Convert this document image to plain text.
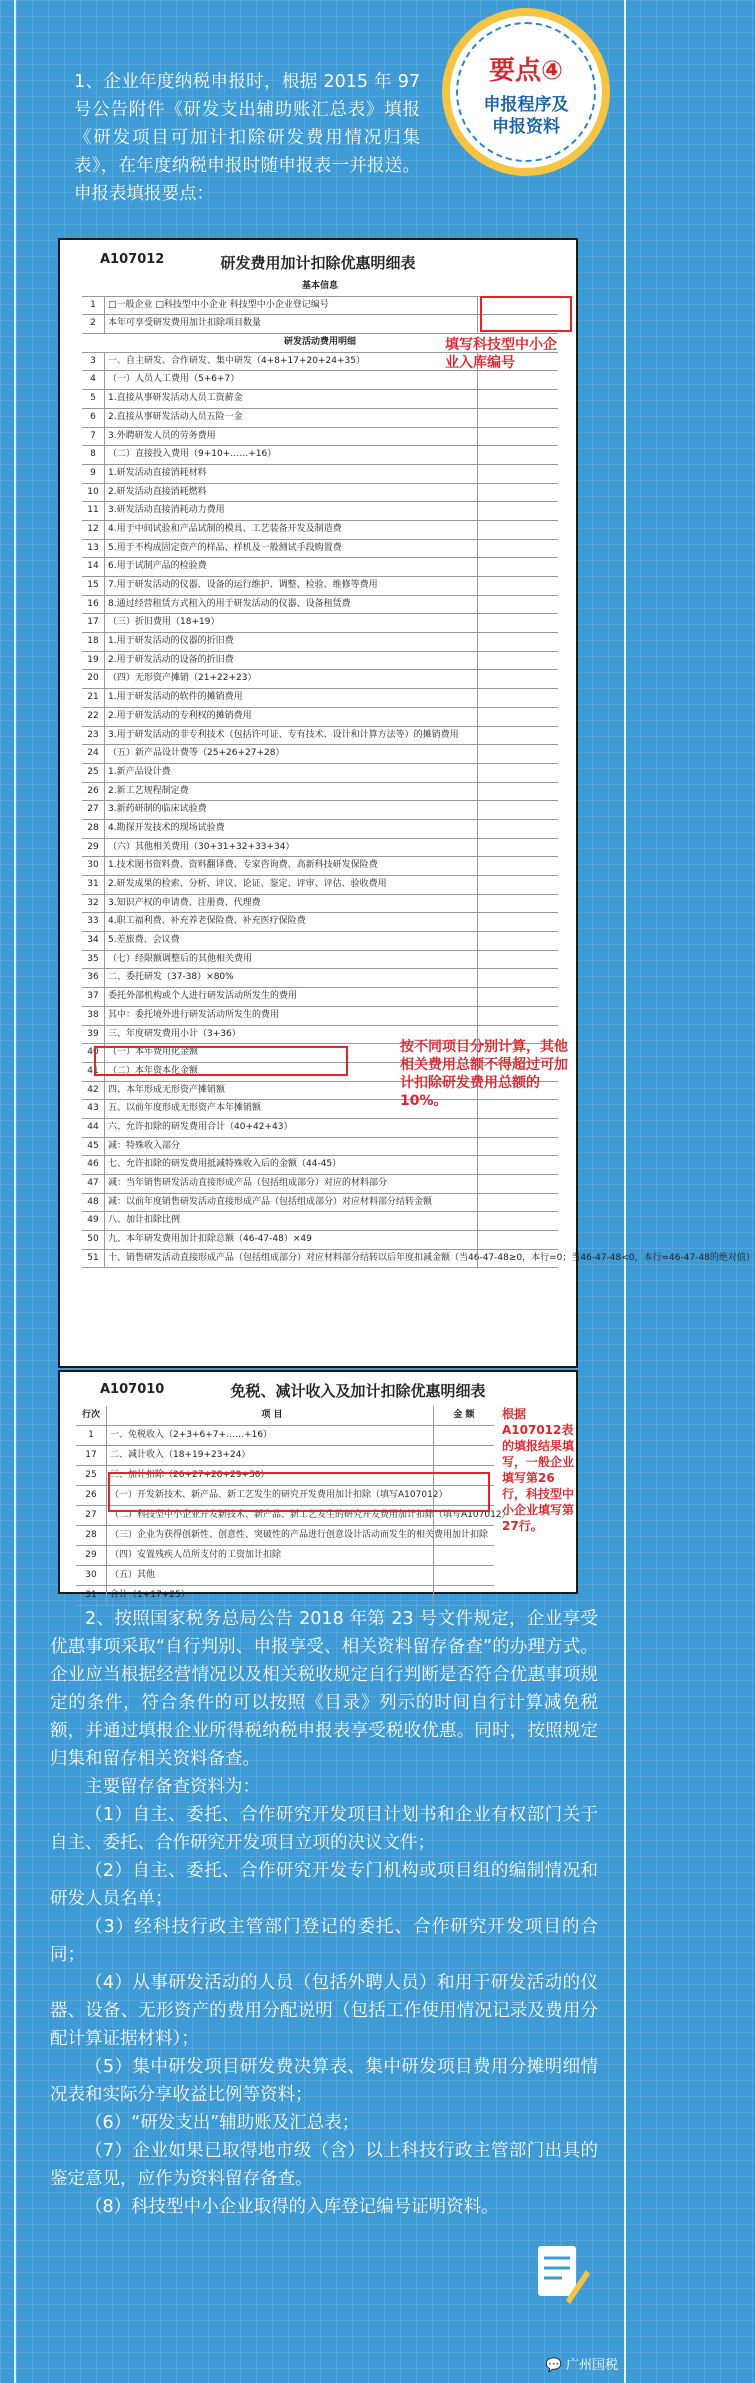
要点④
申报程序及
申报资料

1、企业年度纳税申报时，根据 2015 年 97 号公告附件《研发支出辅助账汇总表》填报《研发项目可加计扣除研发费用情况归集表》，在年度纳税申报时随申报表一并报送。申报表填报要点：

A107012	研发费用加计扣除优惠明细表
基本信息
1	□一般企业 □科技型中小企业 科技型中小企业登记编号
2	本年可享受研发费用加计扣除项目数量
研发活动费用明细
3	一、自主研发、合作研发、集中研发（4+8+17+20+24+35）
4	（一）人员人工费用（5+6+7）
5	1.直接从事研发活动人员工资薪金
6	2.直接从事研发活动人员五险一金
7	3.外聘研发人员的劳务费用
8	（二）直接投入费用（9+10+……+16）
9	1.研发活动直接消耗材料
10	2.研发活动直接消耗燃料
11	3.研发活动直接消耗动力费用
12	4.用于中间试验和产品试制的模具、工艺装备开发及制造费
13	5.用于不构成固定资产的样品、样机及一般测试手段购置费
14	6.用于试制产品的检验费
15	7.用于研发活动的仪器、设备的运行维护、调整、检验、维修等费用
16	8.通过经营租赁方式租入的用于研发活动的仪器、设备租赁费
17	（三）折旧费用（18+19）
18	1.用于研发活动的仪器的折旧费
19	2.用于研发活动的设备的折旧费
20	（四）无形资产摊销（21+22+23）
21	1.用于研发活动的软件的摊销费用
22	2.用于研发活动的专利权的摊销费用
23	3.用于研发活动的非专利技术（包括许可证、专有技术、设计和计算方法等）的摊销费用
24	（五）新产品设计费等（25+26+27+28）
25	1.新产品设计费
26	2.新工艺规程制定费
27	3.新药研制的临床试验费
28	4.勘探开发技术的现场试验费
29	（六）其他相关费用（30+31+32+33+34）
30	1.技术图书资料费、资料翻译费、专家咨询费、高新科技研发保险费
31	2.研发成果的检索、分析、评议、论证、鉴定、评审、评估、验收费用
32	3.知识产权的申请费、注册费、代理费
33	4.职工福利费、补充养老保险费、补充医疗保险费
34	5.差旅费、会议费
35	（七）经限额调整后的其他相关费用
36	二、委托研发（37-38）×80%
37	委托外部机构或个人进行研发活动所发生的费用
38	其中：委托境外进行研发活动所发生的费用
39	三、年度研发费用小计（3+36）
40	（一）本年费用化金额
41	（二）本年资本化金额
42	四、本年形成无形资产摊销额
43	五、以前年度形成无形资产本年摊销额
44	六、允许扣除的研发费用合计（40+42+43）
45	减：特殊收入部分
46	七、允许扣除的研发费用抵减特殊收入后的金额（44-45）
47	减：当年销售研发活动直接形成产品（包括组成部分）对应的材料部分
48	减：以前年度销售研发活动直接形成产品（包括组成部分）对应材料部分结转金额
49	八、加计扣除比例
50	九、本年研发费用加计扣除总额（46-47-48）×49
51	十、销售研发活动直接形成产品（包括组成部分）对应材料部分结转以后年度扣减金额（当46-47-48≥0，本行=0；当46-47-48<0，本行=46-47-48的绝对值）
填写科技型中小企业入库编号
按不同项目分别计算，其他相关费用总额不得超过可加计扣除研发费用总额的10%。
A107010	免税、减计收入及加计扣除优惠明细表
行次	项 目	金 额
1	一、免税收入（2+3+6+7+……+16）
17	二、减计收入（18+19+23+24）
25	三、加计扣除（26+27+28+29+30）
26	（一）开发新技术、新产品、新工艺发生的研究开发费用加计扣除（填写A107012）
27	（二）科技型中小企业开发新技术、新产品、新工艺发生的研究开发费用加计扣除（填写A107012）
28	（三）企业为获得创新性、创意性、突破性的产品进行创意设计活动而发生的相关费用加计扣除
29	（四）安置残疾人员所支付的工资加计扣除
30	（五）其他
31	合计（1+17+25）
根据A107012表的填报结果填写，一般企业填写第26行，科技型中小企业填写第27行。

2、按照国家税务总局公告 2018 年第 23 号文件规定，企业享受优惠事项采取“自行判别、申报享受、相关资料留存备查”的办理方式。企业应当根据经营情况以及相关税收规定自行判断是否符合优惠事项规定的条件，符合条件的可以按照《目录》列示的时间自行计算减免税额，并通过填报企业所得税纳税申报表享受税收优惠。同时，按照规定归集和留存相关资料备查。

主要留存备查资料为：

（1）自主、委托、合作研究开发项目计划书和企业有权部门关于自主、委托、合作研究开发项目立项的决议文件；

（2）自主、委托、合作研究开发专门机构或项目组的编制情况和研发人员名单；

（3）经科技行政主管部门登记的委托、合作研究开发项目的合同；

（4）从事研发活动的人员（包括外聘人员）和用于研发活动的仪器、设备、无形资产的费用分配说明（包括工作使用情况记录及费用分配计算证据材料）；

（5）集中研发项目研发费决算表、集中研发项目费用分摊明细情况表和实际分享收益比例等资料；

（6）“研发支出”辅助账及汇总表；

（7）企业如果已取得地市级（含）以上科技行政主管部门出具的鉴定意见，应作为资料留存备查。

（8）科技型中小企业取得的入库登记编号证明资料。

💬 广州国税
